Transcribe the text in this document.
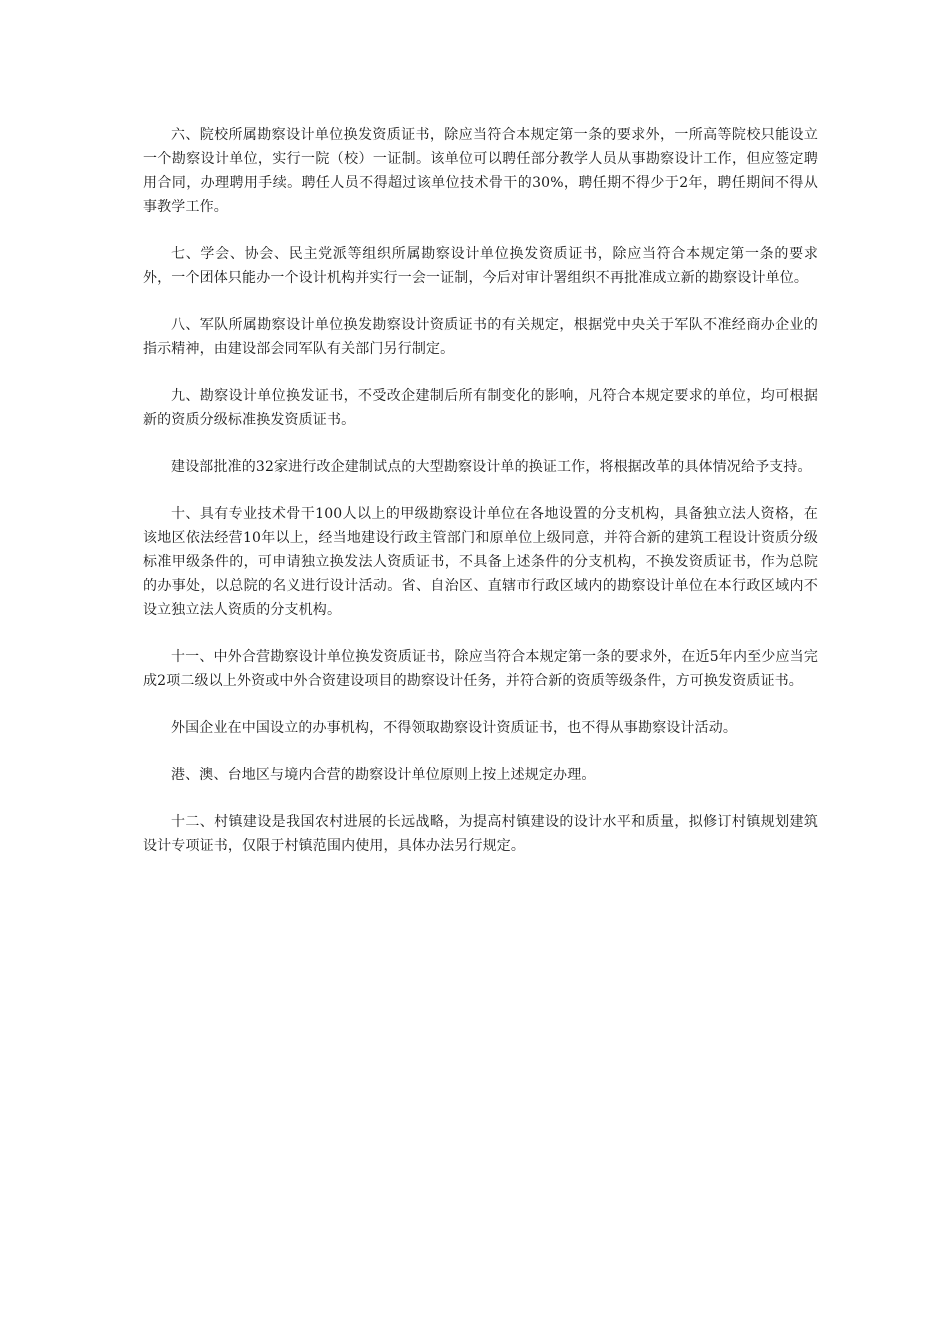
六、院校所属勘察设计单位换发资质证书，除应当符合本规定第一条的要求外，一所高等院校只能设立一个勘察设计单位，实行一院（校）一证制。该单位可以聘任部分教学人员从事勘察设计工作，但应签定聘用合同，办理聘用手续。聘任人员不得超过该单位技术骨干的30%，聘任期不得少于2年，聘任期间不得从事教学工作。

七、学会、协会、民主党派等组织所属勘察设计单位换发资质证书，除应当符合本规定第一条的要求外，一个团体只能办一个设计机构并实行一会一证制，今后对审计署组织不再批准成立新的勘察设计单位。

八、军队所属勘察设计单位换发勘察设计资质证书的有关规定，根据党中央关于军队不准经商办企业的指示精神，由建设部会同军队有关部门另行制定。

九、勘察设计单位换发证书，不受改企建制后所有制变化的影响，凡符合本规定要求的单位，均可根据新的资质分级标准换发资质证书。

建设部批准的32家进行改企建制试点的大型勘察设计单的换证工作，将根据改革的具体情况给予支持。

十、具有专业技术骨干100人以上的甲级勘察设计单位在各地设置的分支机构，具备独立法人资格，在该地区依法经营10年以上，经当地建设行政主管部门和原单位上级同意，并符合新的建筑工程设计资质分级标准甲级条件的，可申请独立换发法人资质证书，不具备上述条件的分支机构，不换发资质证书，作为总院的办事处，以总院的名义进行设计活动。省、自治区、直辖市行政区域内的勘察设计单位在本行政区域内不设立独立法人资质的分支机构。

十一、中外合营勘察设计单位换发资质证书，除应当符合本规定第一条的要求外，在近5年内至少应当完成2项二级以上外资或中外合资建设项目的勘察设计任务，并符合新的资质等级条件，方可换发资质证书。

外国企业在中国设立的办事机构，不得领取勘察设计资质证书，也不得从事勘察设计活动。

港、澳、台地区与境内合营的勘察设计单位原则上按上述规定办理。

十二、村镇建设是我国农村进展的长远战略，为提高村镇建设的设计水平和质量，拟修订村镇规划建筑设计专项证书，仅限于村镇范围内使用，具体办法另行规定。
